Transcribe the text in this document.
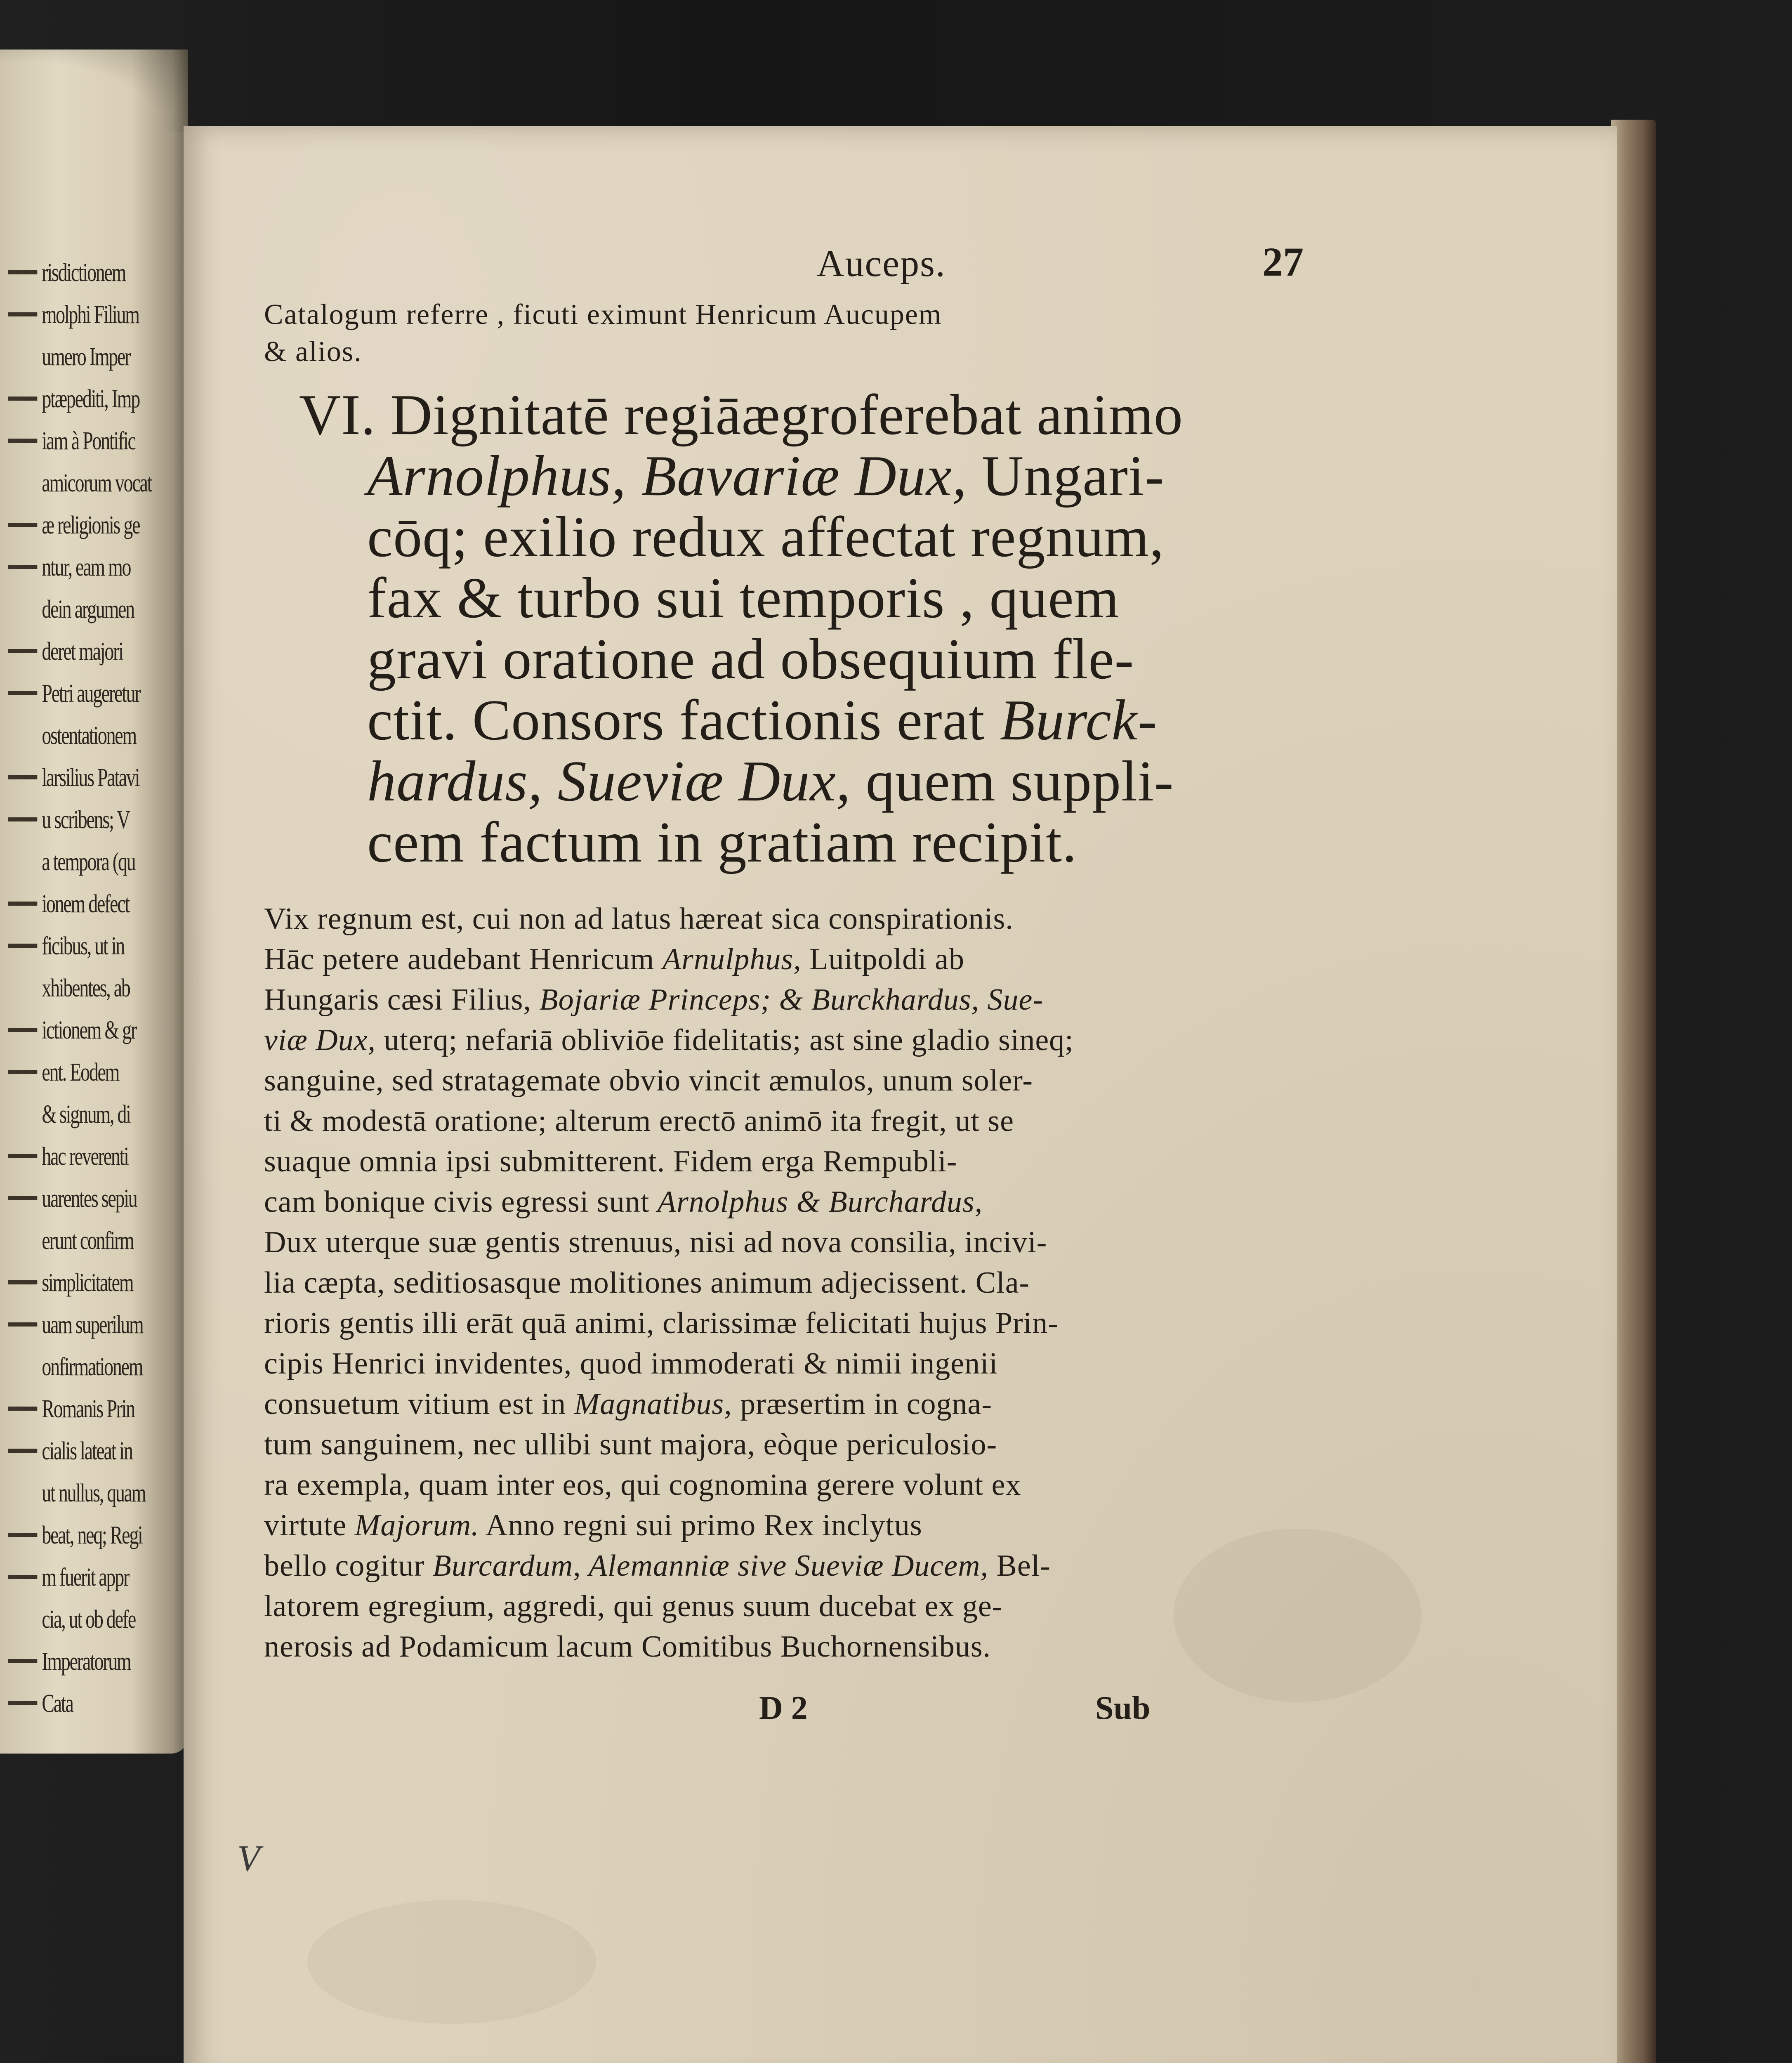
risdictionem
rnolphi Filium
umero Imper
ptæpediti, Imp
iam à Pontific
amicorum vocat
æ religionis ge
ntur, eam mo
dein argumen
deret majori
Petri augeretur
ostentationem
larsilius Patavi
u scribens; V
a tempora (qu
ionem defect
ficibus, ut in
xhibentes, ab
ictionem & gr
ent. Eodem
& signum, di
hac reverenti
uarentes sepiu
erunt confirm
simplicitatem
uam superilum
onfirmationem
Romanis Prin
cialis lateat in
ut nullus, quam
beat, neq; Regi
m fuerit appr
cia, ut ob defe
Imperatorum
Cata
Auceps.	27
Catalogum referre , ficuti eximunt Henricum Aucupem
& alios.
VI. Dignitatē regiāægroferebat animo
Arnolphus, Bavariæ Dux, Ungari-
cōq; exilio redux affectat regnum,
fax & turbo sui temporis , quem
gravi oratione ad obsequium fle-
ctit. Consors factionis erat Burck-
hardus, Sueviæ Dux, quem suppli-
cem factum in gratiam recipit.
Vix regnum est, cui non ad latus hæreat sica conspirationis.
Hāc petere audebant Henricum Arnulphus, Luitpoldi ab
Hungaris cæsi Filius, Bojariæ Princeps; & Burckhardus, Sue-
viæ Dux, uterq; nefariā obliviōe fidelitatis; ast sine gladio sineq;
sanguine, sed stratagemate obvio vincit æmulos, unum soler-
ti & modestā oratione; alterum erectō animō ita fregit, ut se
suaque omnia ipsi submitterent. Fidem erga Rempubli-
cam bonique civis egressi sunt Arnolphus & Burchardus,
Dux uterque suæ gentis strenuus, nisi ad nova consilia, incivi-
lia cæpta, seditiosasque molitiones animum adjecissent. Cla-
rioris gentis illi erāt quā animi, clarissimæ felicitati hujus Prin-
cipis Henrici invidentes, quod immoderati & nimii ingenii
consuetum vitium est in Magnatibus, præsertim in cogna-
tum sanguinem, nec ullibi sunt majora, eòque periculosio-
ra exempla, quam inter eos, qui cognomina gerere volunt ex
virtute Majorum. Anno regni sui primo Rex inclytus
bello cogitur Burcardum, Alemanniæ sive Sueviæ Ducem, Bel-
latorem egregium, aggredi, qui genus suum ducebat ex ge-
nerosis ad Podamicum lacum Comitibus Buchornensibus.
D 2	Sub
V
